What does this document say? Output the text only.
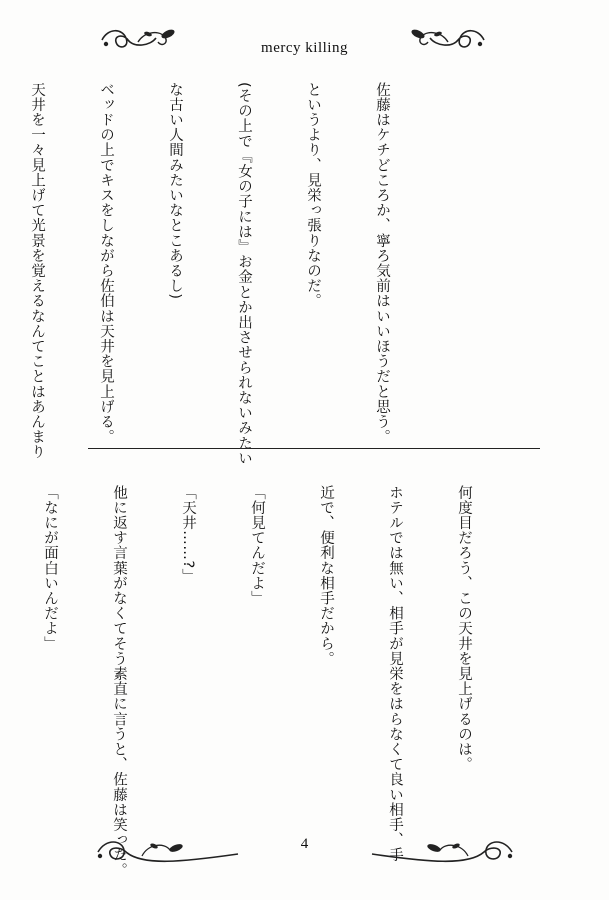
mercy killing

佐藤はケチどころか、寧ろ気前はいいほうだと思う。

というより、見栄っ張りなのだ。

(その上で『女の子には』お金とか出させられないみたい

な古い人間みたいなとこあるし)

ベッドの上でキスをしながら佐伯は天井を見上げる。

天井を一々見上げて光景を覚えるなんてことはあんまり

何度目だろう、この天井を見上げるのは。

ホテルでは無い、相手が見栄をはらなくて良い相手、手

近で、便利な相手だから。

「何見てんだよ」

「天井……?」

他に返す言葉がなくてそう素直に言うと、佐藤は笑った。

「なにが面白いんだよ」

4
